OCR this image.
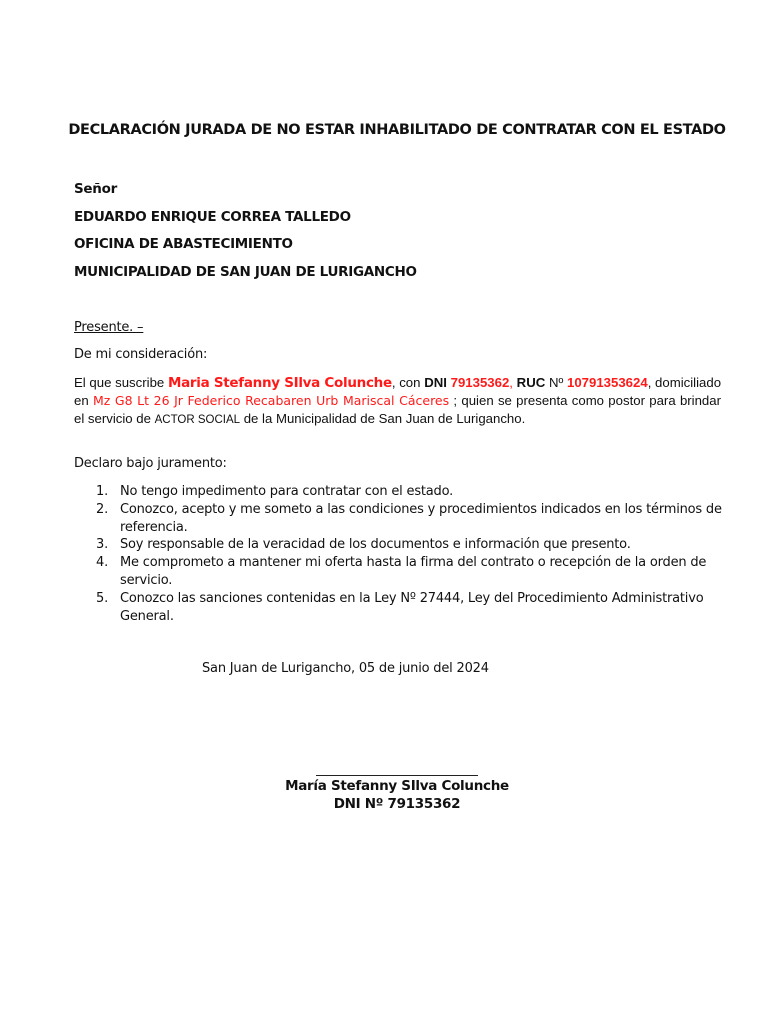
DECLARACIÓN JURADA DE NO ESTAR INHABILITADO DE CONTRATAR CON EL ESTADO
Señor
EDUARDO ENRIQUE CORREA TALLEDO
OFICINA DE ABASTECIMIENTO
MUNICIPALIDAD DE SAN JUAN DE LURIGANCHO
Presente. –
De mi consideración:
El que suscribe Maria Stefanny SIlva Colunche, con DNI 79135362, RUC Nº 10791353624, domiciliado en Mz G8 Lt 26 Jr Federico Recabaren Urb Mariscal Cáceres ; quien se presenta como postor para brindar el servicio de ACTOR SOCIAL de la Municipalidad de San Juan de Lurigancho.
Declaro bajo juramento:
1. No tengo impedimento para contratar con el estado.
2. Conozco, acepto y me someto a las condiciones y procedimientos indicados en los términos de referencia.
3. Soy responsable de la veracidad de los documentos e información que presento.
4. Me comprometo a mantener mi oferta hasta la firma del contrato o recepción de la orden de servicio.
5. Conozco las sanciones contenidas en la Ley Nº 27444, Ley del Procedimiento Administrativo General.
San Juan de Lurigancho, 05 de junio del 2024
María Stefanny SIlva Colunche
DNI Nº 79135362
